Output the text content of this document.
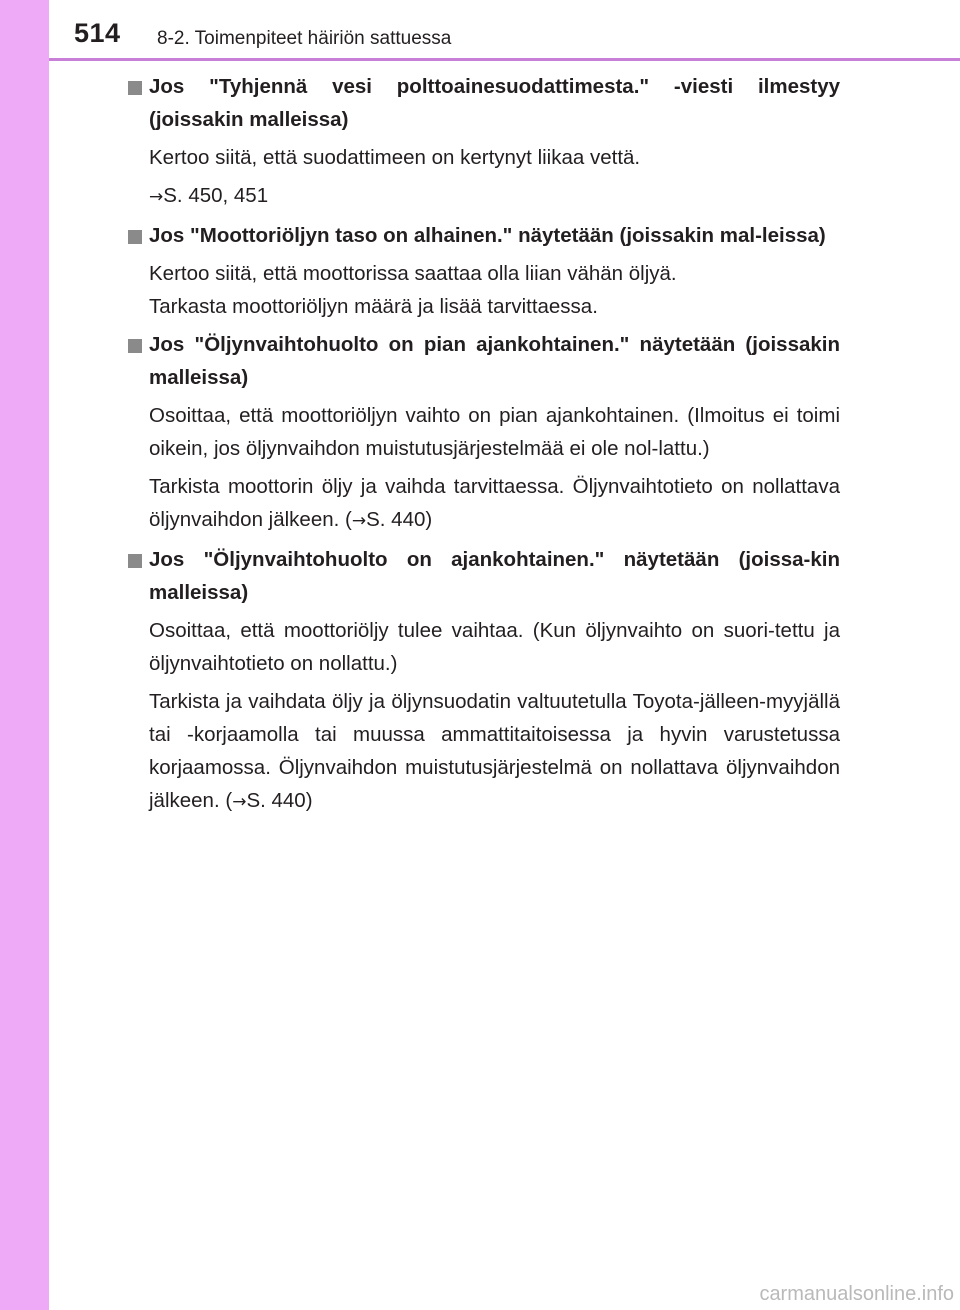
514 8-2. Toimenpiteet häiriön sattuessa

Jos "Tyhjennä vesi polttoainesuodattimesta." -viesti ilmestyy (joissakin malleissa)

Kertoo siitä, että suodattimeen on kertynyt liikaa vettä.

→S. 450, 451

Jos "Moottoriöljyn taso on alhainen." näytetään (joissakin mal-leissa)

Kertoo siitä, että moottorissa saattaa olla liian vähän öljyä.
Tarkasta moottoriöljyn määrä ja lisää tarvittaessa.

Jos "Öljynvaihtohuolto on pian ajankohtainen." näytetään (joissakin malleissa)

Osoittaa, että moottoriöljyn vaihto on pian ajankohtainen. (Ilmoitus ei toimi oikein, jos öljynvaihdon muistutusjärjestelmää ei ole nol-lattu.)

Tarkista moottorin öljy ja vaihda tarvittaessa. Öljynvaihtotieto on nollattava öljynvaihdon jälkeen. (→S. 440)

Jos "Öljynvaihtohuolto on ajankohtainen." näytetään (joissa-kin malleissa)

Osoittaa, että moottoriöljy tulee vaihtaa. (Kun öljynvaihto on suori-tettu ja öljynvaihtotieto on nollattu.)

Tarkista ja vaihdata öljy ja öljynsuodatin valtuutetulla Toyota-jälleen-myyjällä tai -korjaamolla tai muussa ammattitaitoisessa ja hyvin varustetussa korjaamossa. Öljynvaihdon muistutusjärjestelmä on nollattava öljynvaihdon jälkeen. (→S. 440)

carmanualsonline.info
